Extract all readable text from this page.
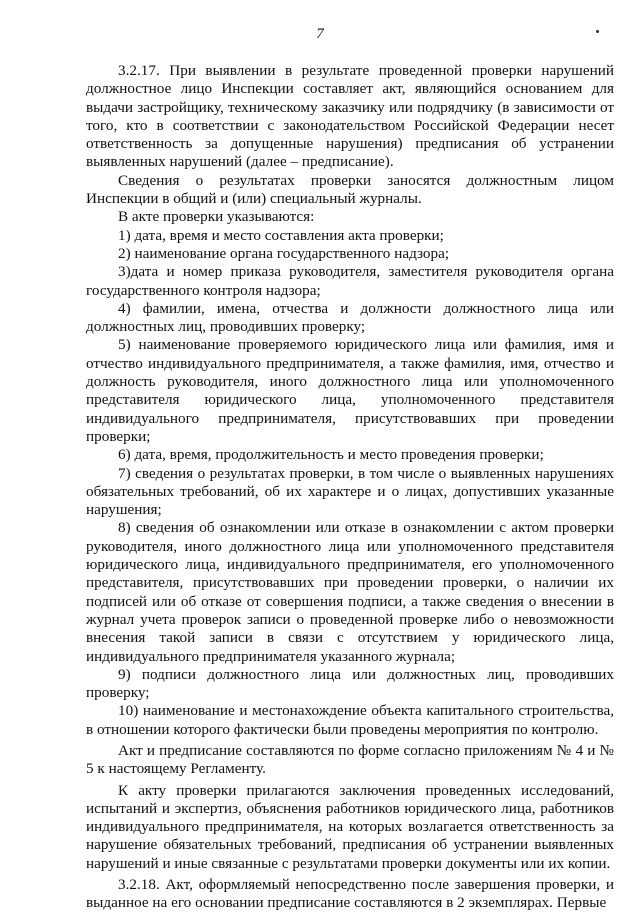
7

3.2.17. При выявлении в результате проведенной проверки нарушений должностное лицо Инспекции составляет акт, являющийся основанием для выдачи застройщику, техническому заказчику или подрядчику (в зависимости от того, кто в соответствии с законодательством Российской Федерации несет ответственность за допущенные нарушения) предписания об устранении выявленных нарушений (далее – предписание).

Сведения о результатах проверки заносятся должностным лицом Инспекции в общий и (или) специальный журналы.

В акте проверки указываются:

1) дата, время и место составления акта проверки;

2) наименование органа государственного надзора;

3)дата и номер приказа руководителя, заместителя руководителя органа государственного контроля надзора;

4) фамилии, имена, отчества и должности должностного лица или должностных лиц, проводивших проверку;

5) наименование проверяемого юридического лица или фамилия, имя и отчество индивидуального предпринимателя, а также фамилия, имя, отчество и должность руководителя, иного должностного лица или уполномоченного представителя юридического лица, уполномоченного представителя индивидуального предпринимателя, присутствовавших при проведении проверки;

6) дата, время, продолжительность и место проведения проверки;

7) сведения о результатах проверки, в том числе о выявленных нарушениях обязательных требований, об их характере и о лицах, допустивших указанные нарушения;

8) сведения об ознакомлении или отказе в ознакомлении с актом проверки руководителя, иного должностного лица или уполномоченного представителя юридического лица, индивидуального предпринимателя, его уполномоченного представителя, присутствовавших при проведении проверки, о наличии их подписей или об отказе от совершения подписи, а также сведения о внесении в журнал учета проверок записи о проведенной проверке либо о невозможности внесения такой записи в связи с отсутствием у юридического лица, индивидуального предпринимателя указанного журнала;

9) подписи должностного лица или должностных лиц, проводивших проверку;

10) наименование и местонахождение объекта капитального строительства, в отношении которого фактически были проведены мероприятия по контролю.

Акт и предписание составляются по форме согласно приложениям № 4 и № 5 к настоящему Регламенту.

К акту проверки прилагаются заключения проведенных исследований, испытаний и экспертиз, объяснения работников юридического лица, работников индивидуального предпринимателя, на которых возлагается ответственность за нарушение обязательных требований, предписания об устранении выявленных нарушений и иные связанные с результатами проверки документы или их копии.

3.2.18. Акт, оформляемый непосредственно после завершения проверки, и выданное на его основании предписание составляются в 2 экземплярах. Первые
